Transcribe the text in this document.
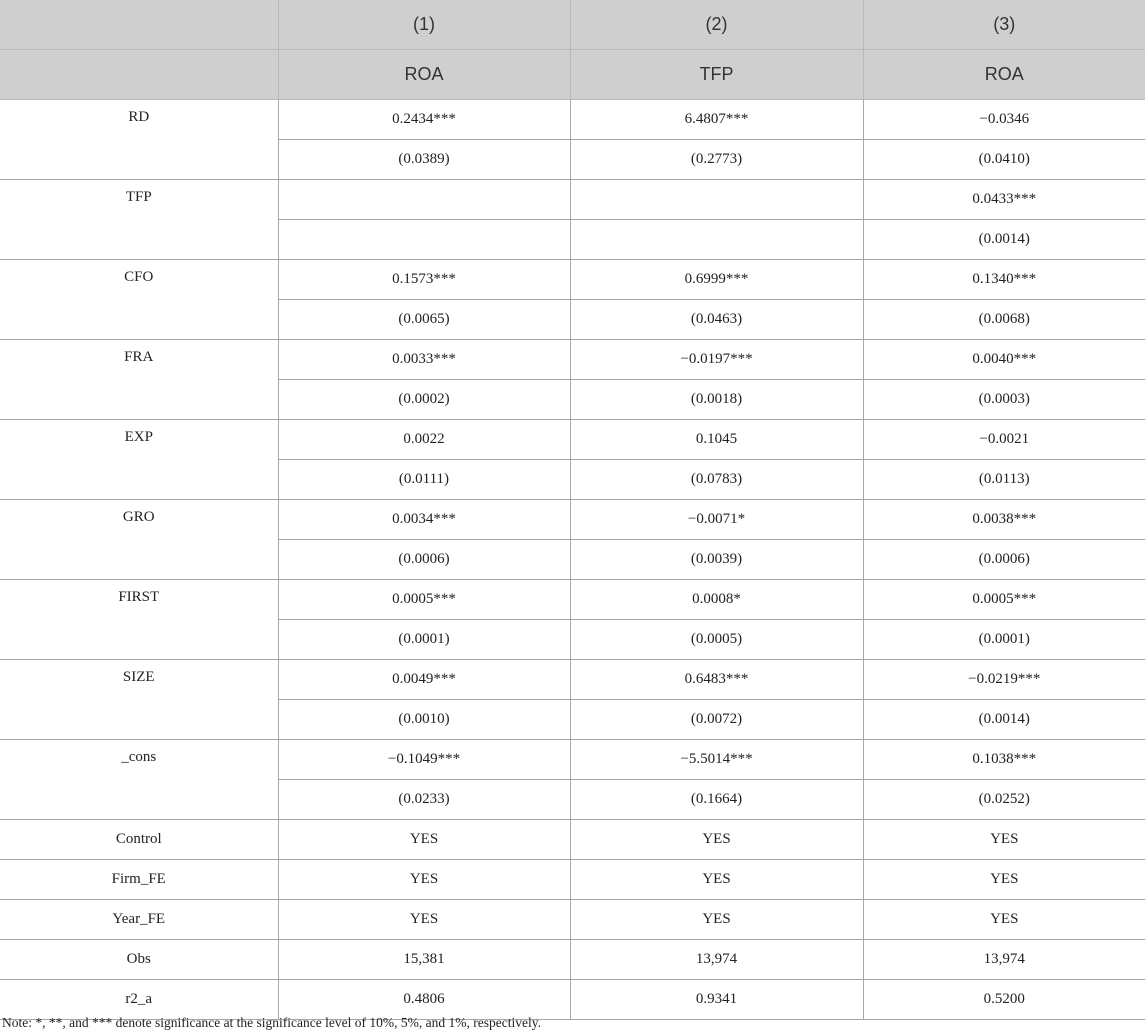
	(1)	(2)	(3)
	ROA	TFP	ROA
RD	0.2434***	6.4807***	−0.0346
	(0.0389)	(0.2773)	(0.0410)
TFP			0.0433***
			(0.0014)
CFO	0.1573***	0.6999***	0.1340***
	(0.0065)	(0.0463)	(0.0068)
FRA	0.0033***	−0.0197***	0.0040***
	(0.0002)	(0.0018)	(0.0003)
EXP	0.0022	0.1045	−0.0021
	(0.0111)	(0.0783)	(0.0113)
GRO	0.0034***	−0.0071*	0.0038***
	(0.0006)	(0.0039)	(0.0006)
FIRST	0.0005***	0.0008*	0.0005***
	(0.0001)	(0.0005)	(0.0001)
SIZE	0.0049***	0.6483***	−0.0219***
	(0.0010)	(0.0072)	(0.0014)
_cons	−0.1049***	−5.5014***	0.1038***
	(0.0233)	(0.1664)	(0.0252)
Control	YES	YES	YES
Firm_FE	YES	YES	YES
Year_FE	YES	YES	YES
Obs	15,381	13,974	13,974
r2_a	0.4806	0.9341	0.5200
Note: *, **, and *** denote significance at the significance level of 10%, 5%, and 1%, respectively.
